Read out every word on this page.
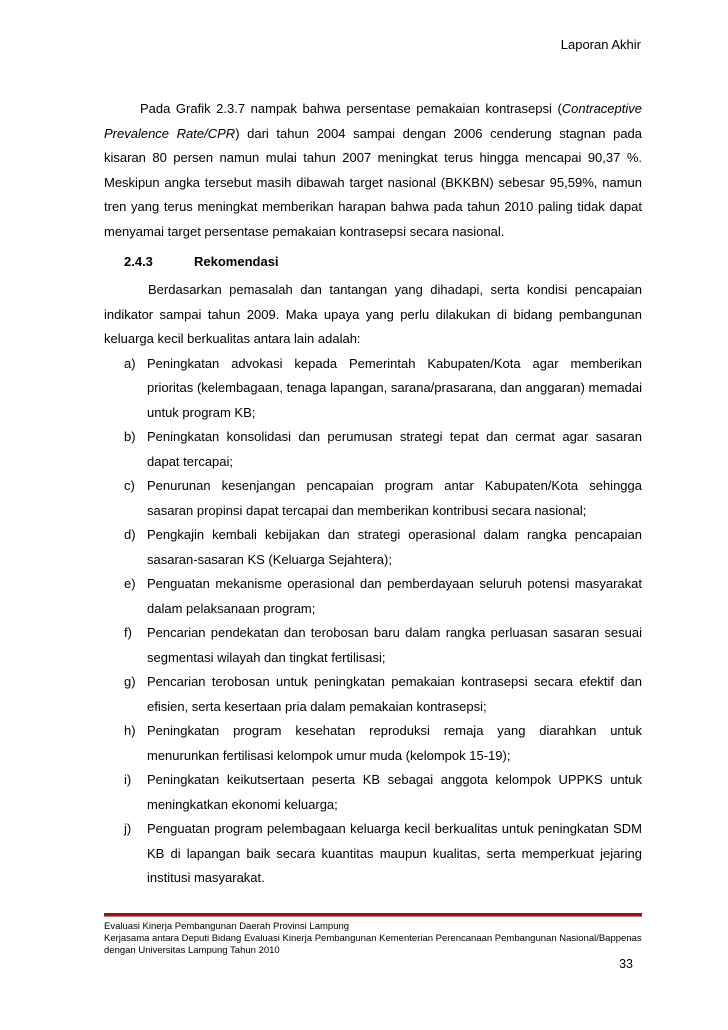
Laporan Akhir

Pada Grafik 2.3.7 nampak bahwa persentase pemakaian kontrasepsi (Contraceptive Prevalence Rate/CPR) dari tahun 2004 sampai dengan 2006 cenderung stagnan pada kisaran 80 persen namun mulai tahun 2007 meningkat terus hingga mencapai 90,37 %. Meskipun angka tersebut masih dibawah target nasional (BKKBN) sebesar 95,59%, namun tren yang terus meningkat memberikan harapan bahwa pada tahun 2010 paling tidak dapat menyamai target persentase pemakaian kontrasepsi secara nasional.

2.4.3	Rekomendasi

Berdasarkan pemasalah dan tantangan yang dihadapi, serta kondisi pencapaian indikator sampai tahun 2009. Maka upaya yang perlu dilakukan di bidang pembangunan keluarga kecil berkualitas antara lain adalah:

a) Peningkatan advokasi kepada Pemerintah Kabupaten/Kota agar memberikan prioritas (kelembagaan, tenaga lapangan, sarana/prasarana, dan anggaran) memadai untuk program KB;
b) Peningkatan konsolidasi dan perumusan strategi tepat dan cermat agar sasaran dapat tercapai;
c) Penurunan kesenjangan pencapaian program antar Kabupaten/Kota sehingga sasaran propinsi dapat tercapai dan memberikan kontribusi secara nasional;
d) Pengkajin kembali kebijakan dan strategi operasional dalam rangka pencapaian sasaran-sasaran KS (Keluarga Sejahtera);
e) Penguatan mekanisme operasional dan pemberdayaan seluruh potensi masyarakat dalam pelaksanaan program;
f) Pencarian pendekatan dan terobosan baru dalam rangka perluasan sasaran sesuai segmentasi wilayah dan tingkat fertilisasi;
g) Pencarian terobosan untuk peningkatan pemakaian kontrasepsi secara efektif dan efisien, serta kesertaan pria dalam pemakaian kontrasepsi;
h) Peningkatan program kesehatan reproduksi remaja yang diarahkan untuk menurunkan fertilisasi kelompok umur muda (kelompok 15-19);
i) Peningkatan keikutsertaan peserta KB sebagai anggota kelompok UPPKS untuk meningkatkan ekonomi keluarga;
j) Penguatan program pelembagaan keluarga kecil berkualitas untuk peningkatan SDM KB di lapangan baik secara kuantitas maupun kualitas, serta memperkuat jejaring institusi masyarakat.
Evaluasi Kinerja Pembangunan Daerah Provinsi Lampung
Kerjasama antara Deputi Bidang Evaluasi Kinerja Pembangunan Kementerian Perencanaan Pembangunan Nasional/Bappenas dengan Universitas Lampung Tahun 2010
33
